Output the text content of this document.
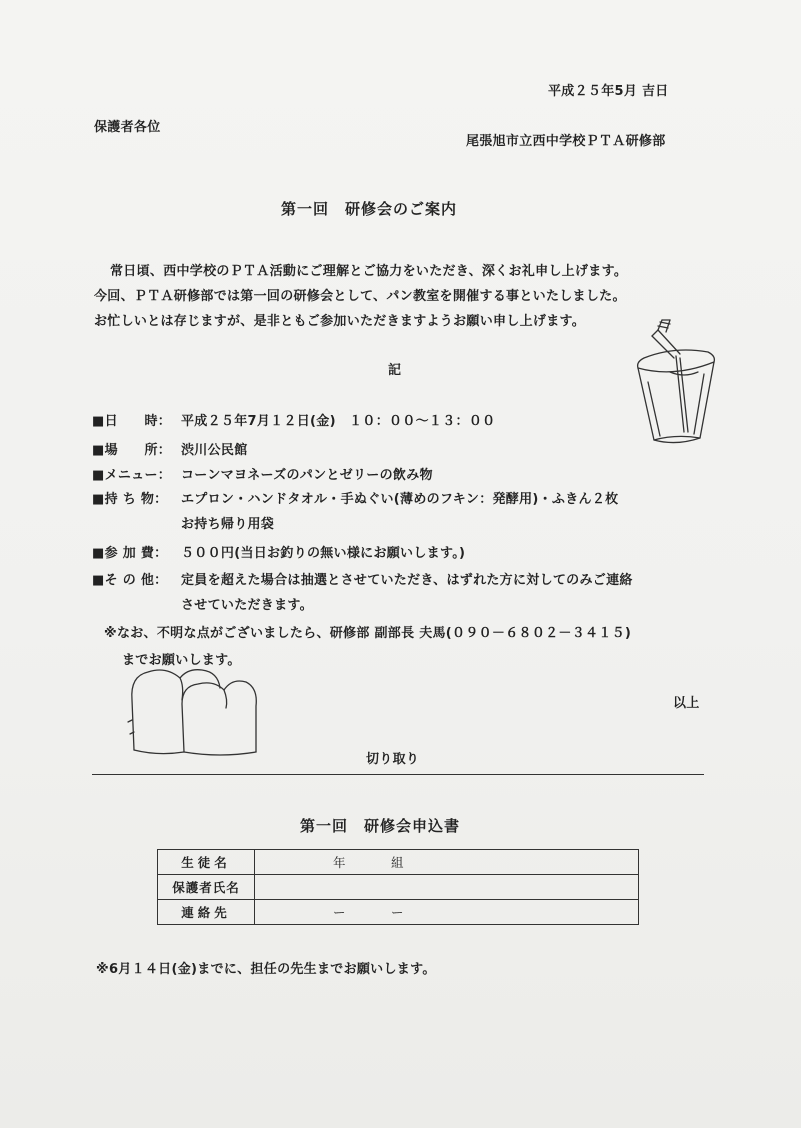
平成２５年5月 吉日
保護者各位
尾張旭市立西中学校ＰＴＡ研修部
第一回　研修会のご案内
常日頃、西中学校のＰＴＡ活動にご理解とご協力をいただき、深くお礼申し上げます。
今回、ＰＴＡ研修部では第一回の研修会として、パン教室を開催する事といたしました。
お忙しいとは存じますが、是非ともご参加いただきますようお願い申し上げます。
記
■日　　時： 平成２５年7月１２日(金)　１０：００～１３：００
■場　　所： 渋川公民館
■メニュー： コーンマヨネーズのパンとゼリーの飲み物
■持 ち 物： エプロン・ハンドタオル・手ぬぐい(薄めのフキン：発酵用)・ふきん２枚
お持ち帰り用袋
■参 加 費： ５００円(当日お釣りの無い様にお願いします。)
■そ の 他： 定員を超えた場合は抽選とさせていただき、はずれた方に対してのみご連絡
させていただきます。
※なお、不明な点がございましたら、研修部 副部長 夫馬(０９０－６８０２－３４１５)
までお願いします。
以上
切り取り
第一回　研修会申込書
生徒名	年　　　組
保護者氏名	
連絡先	ー　　　ー
※6月１４日(金)までに、担任の先生までお願いします。
